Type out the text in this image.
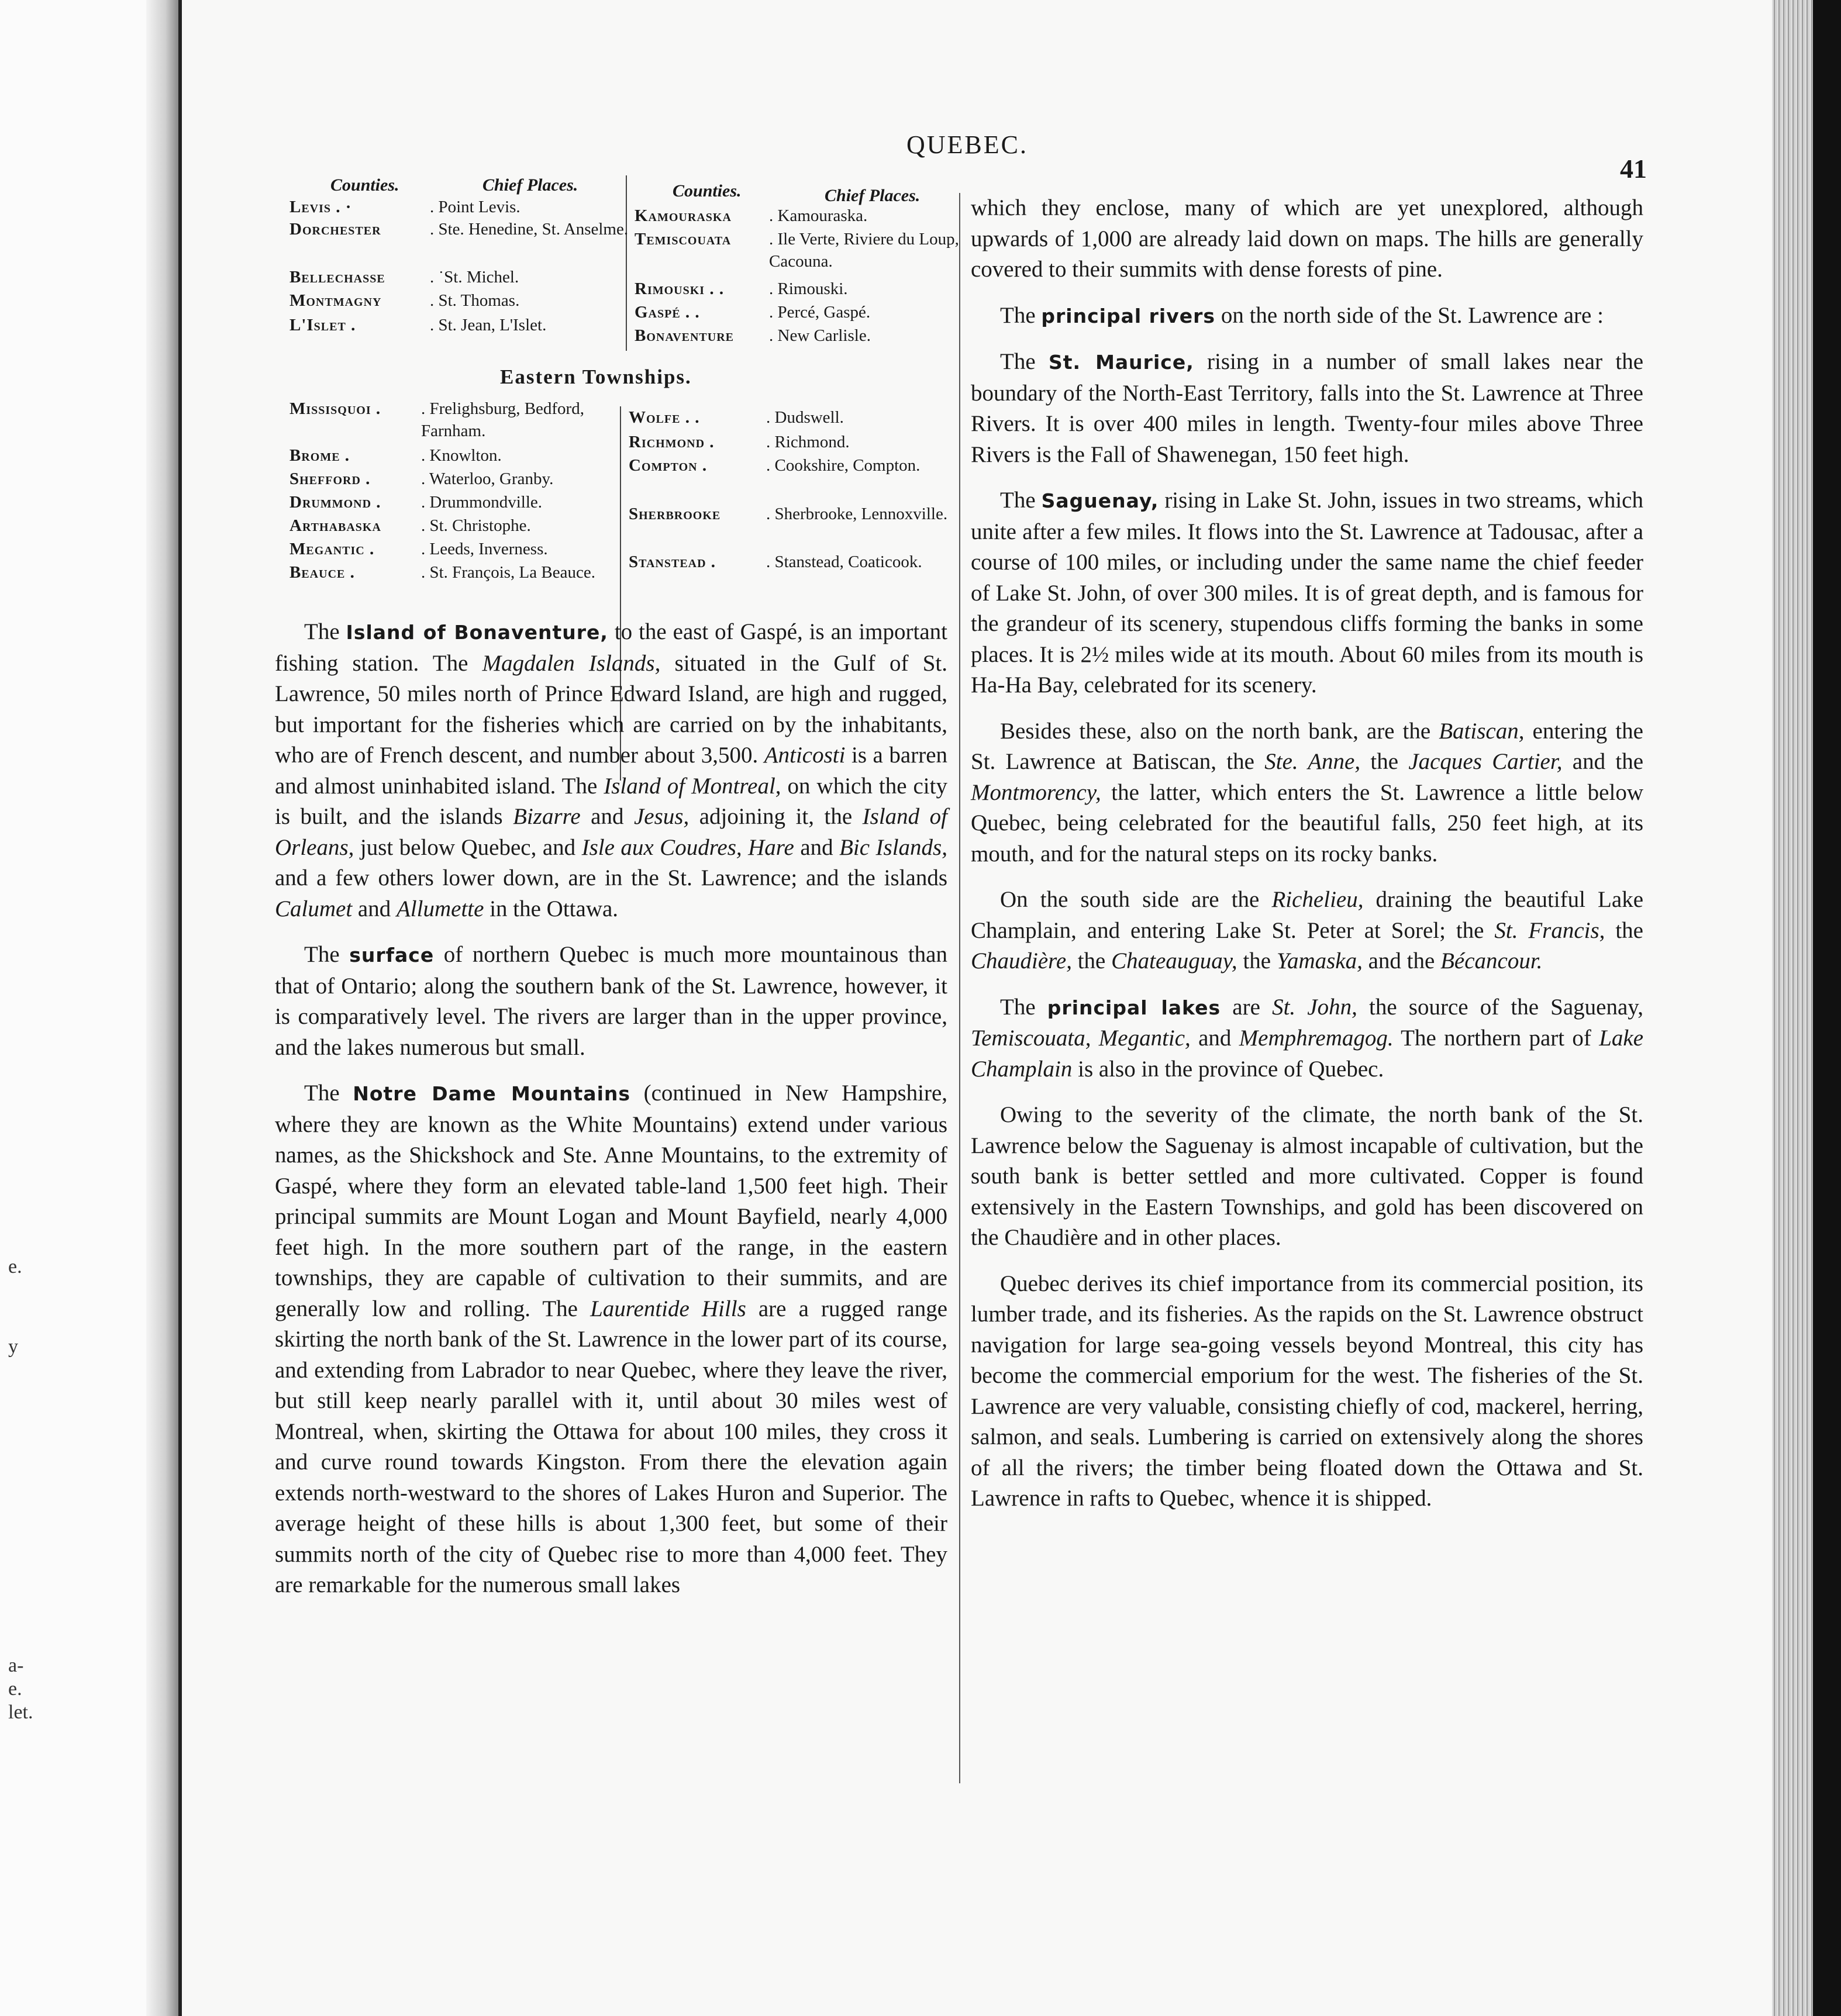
e.
y
a-
e.
let.
QUEBEC.
41
Counties.	Chief Places.	Counties.	Chief Places.
Levis . ·	. Point Levis.
Dorchester	. Ste. Henedine, St. Anselme.
Bellechasse	. ˙St. Michel.
Montmagny	. St. Thomas.
L'Islet .	. St. Jean, L'Islet.
Kamouraska . Kamouraska.
Temiscouata . Ile Verte, Riviere du Loup, Cacouna.
Rimouski . .	. Rimouski.
Gaspé . .	. Percé, Gaspé.
Bonaventure . New Carlisle.
Eastern Townships.
Missisquoi . . Frelighsburg, Bedford, Farnham.
Brome .	. Knowlton.
Shefford .	. Waterloo, Granby.
Drummond . . Drummondville.
Arthabaska . St. Christophe.
Megantic .	. Leeds, Inverness.
Beauce .	. St. François, La Beauce.
Wolfe . .	. Dudswell.
Richmond .	. Richmond.
Compton .	. Cookshire, Compton.
Sherbrooke	. Sherbrooke, Lennoxville.
Stanstead .	. Stanstead, Coaticook.

The Island of Bonaventure, to the east of Gaspé, is an important fishing station. The Magdalen Islands, situated in the Gulf of St. Lawrence, 50 miles north of Prince Edward Island, are high and rugged, but important for the fisheries which are carried on by the inhabitants, who are of French descent, and number about 3,500. Anticosti is a barren and almost uninhabited island. The Island of Montreal, on which the city is built, and the islands Bizarre and Jesus, adjoining it, the Island of Orleans, just below Quebec, and Isle aux Coudres, Hare and Bic Islands, and a few others lower down, are in the St. Lawrence; and the islands Calumet and Allumette in the Ottawa.

The surface of northern Quebec is much more mountainous than that of Ontario; along the southern bank of the St. Lawrence, however, it is comparatively level. The rivers are larger than in the upper province, and the lakes numerous but small.

The Notre Dame Mountains (continued in New Hampshire, where they are known as the White Mountains) extend under various names, as the Shickshock and Ste. Anne Mountains, to the extremity of Gaspé, where they form an elevated table-land 1,500 feet high. Their principal summits are Mount Logan and Mount Bayfield, nearly 4,000 feet high. In the more southern part of the range, in the eastern townships, they are capable of cultivation to their summits, and are generally low and rolling. The Laurentide Hills are a rugged range skirting the north bank of the St. Lawrence in the lower part of its course, and extending from Labrador to near Quebec, where they leave the river, but still keep nearly parallel with it, until about 30 miles west of Montreal, when, skirting the Ottawa for about 100 miles, they cross it and curve round towards Kingston. From there the elevation again extends north-westward to the shores of Lakes Huron and Superior. The average height of these hills is about 1,300 feet, but some of their summits north of the city of Quebec rise to more than 4,000 feet. They are remarkable for the numerous small lakes

which they enclose, many of which are yet unexplored, although upwards of 1,000 are already laid down on maps. The hills are generally covered to their summits with dense forests of pine.

The principal rivers on the north side of the St. Lawrence are :

The St. Maurice, rising in a number of small lakes near the boundary of the North-East Territory, falls into the St. Lawrence at Three Rivers. It is over 400 miles in length. Twenty-four miles above Three Rivers is the Fall of Shawenegan, 150 feet high.

The Saguenay, rising in Lake St. John, issues in two streams, which unite after a few miles. It flows into the St. Lawrence at Tadousac, after a course of 100 miles, or including under the same name the chief feeder of Lake St. John, of over 300 miles. It is of great depth, and is famous for the grandeur of its scenery, stupendous cliffs forming the banks in some places. It is 2½ miles wide at its mouth. About 60 miles from its mouth is Ha-Ha Bay, celebrated for its scenery.

Besides these, also on the north bank, are the Batiscan, entering the St. Lawrence at Batiscan, the Ste. Anne, the Jacques Cartier, and the Montmorency, the latter, which enters the St. Lawrence a little below Quebec, being celebrated for the beautiful falls, 250 feet high, at its mouth, and for the natural steps on its rocky banks.

On the south side are the Richelieu, draining the beautiful Lake Champlain, and entering Lake St. Peter at Sorel; the St. Francis, the Chaudière, the Chateauguay, the Yamaska, and the Bécancour.

The principal lakes are St. John, the source of the Saguenay, Temiscouata, Megantic, and Memphremagog. The northern part of Lake Champlain is also in the province of Quebec.

Owing to the severity of the climate, the north bank of the St. Lawrence below the Saguenay is almost incapable of cultivation, but the south bank is better settled and more cultivated. Copper is found extensively in the Eastern Townships, and gold has been discovered on the Chaudière and in other places.

Quebec derives its chief importance from its commercial position, its lumber trade, and its fisheries. As the rapids on the St. Lawrence obstruct navigation for large sea-going vessels beyond Montreal, this city has become the commercial emporium for the west. The fisheries of the St. Lawrence are very valuable, consisting chiefly of cod, mackerel, herring, salmon, and seals. Lumbering is carried on extensively along the shores of all the rivers; the timber being floated down the Ottawa and St. Lawrence in rafts to Quebec, whence it is shipped.
